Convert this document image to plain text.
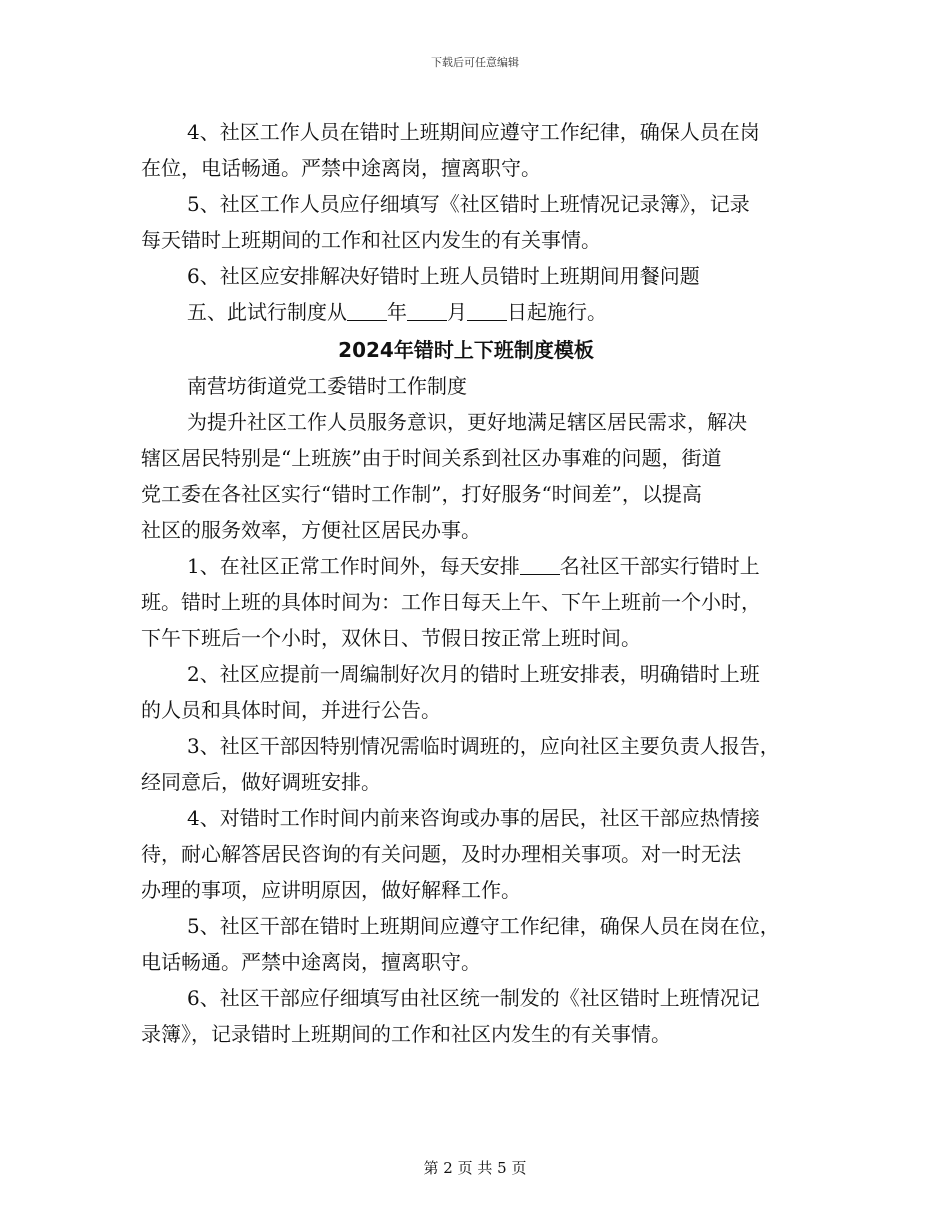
下载后可任意编辑

4、社区工作人员在错时上班期间应遵守工作纪律，确保人员在岗

在位，电话畅通。严禁中途离岗，擅离职守。

5、社区工作人员应仔细填写《社区错时上班情况记录簿》，记录

每天错时上班期间的工作和社区内发生的有关事情。

6、社区应安排解决好错时上班人员错时上班期间用餐问题

五、此试行制度从 年 月 日起施行。

2024年错时上下班制度模板

南营坊街道党工委错时工作制度

为提升社区工作人员服务意识，更好地满足辖区居民需求，解决

辖区居民特别是“上班族”由于时间关系到社区办事难的问题，街道

党工委在各社区实行“错时工作制”，打好服务“时间差”，以提高

社区的服务效率，方便社区居民办事。

1、在社区正常工作时间外，每天安排 名社区干部实行错时上

班。错时上班的具体时间为：工作日每天上午、下午上班前一个小时，

下午下班后一个小时，双休日、节假日按正常上班时间。

2、社区应提前一周编制好次月的错时上班安排表，明确错时上班

的人员和具体时间，并进行公告。

3、社区干部因特别情况需临时调班的，应向社区主要负责人报告，

经同意后，做好调班安排。

4、对错时工作时间内前来咨询或办事的居民，社区干部应热情接

待，耐心解答居民咨询的有关问题，及时办理相关事项。对一时无法

办理的事项，应讲明原因，做好解释工作。

5、社区干部在错时上班期间应遵守工作纪律，确保人员在岗在位，

电话畅通。严禁中途离岗，擅离职守。

6、社区干部应仔细填写由社区统一制发的《社区错时上班情况记

录簿》，记录错时上班期间的工作和社区内发生的有关事情。

第 2 页 共 5 页
